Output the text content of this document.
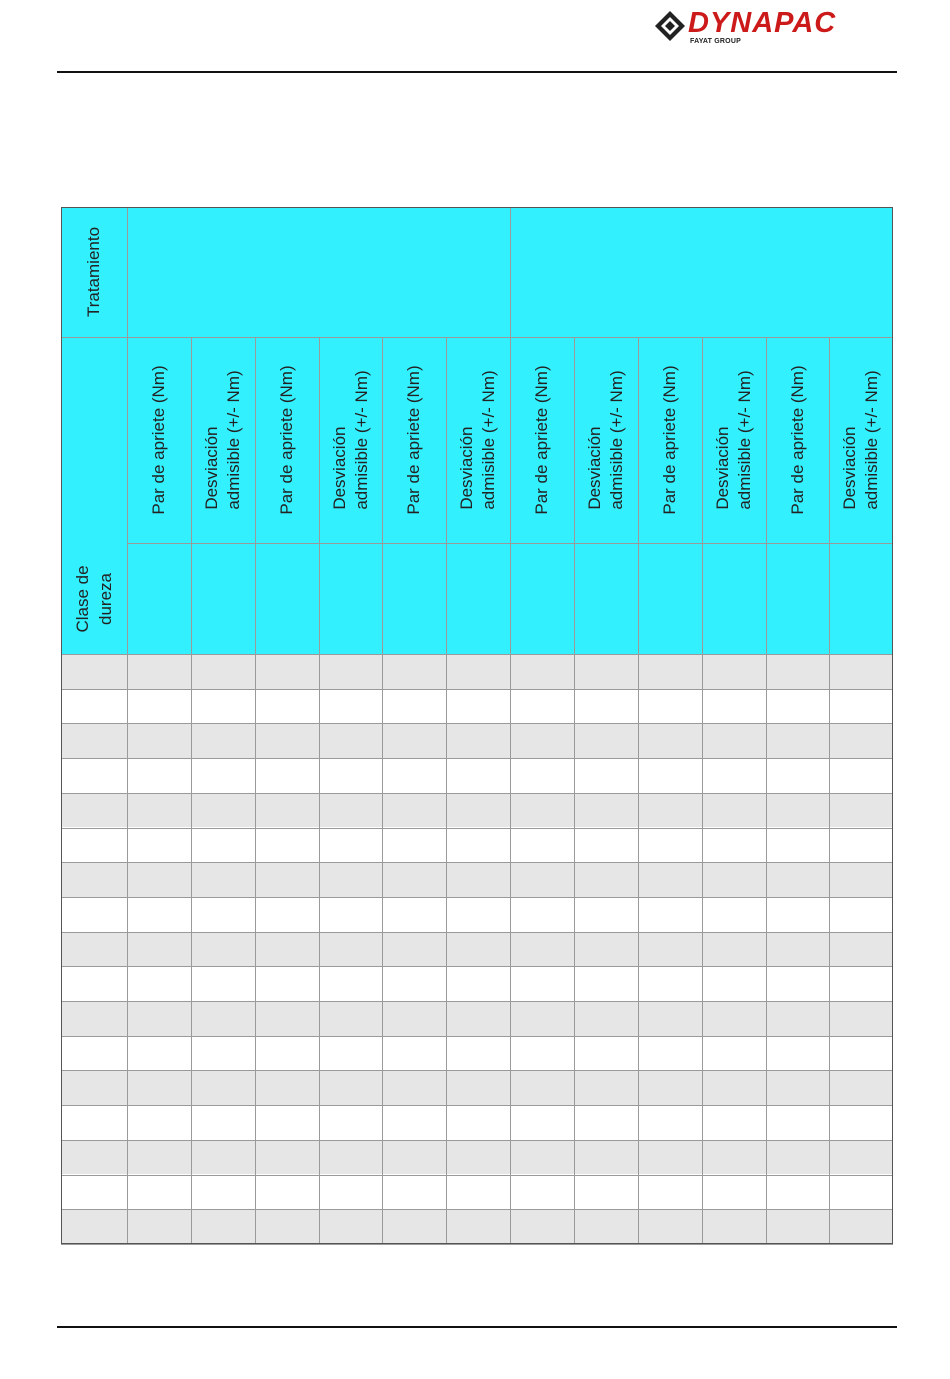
DYNAPAC
FAYAT GROUP
Tratamiento
Clase de dureza
Par de apriete (Nm) Desviación admisible (+/- Nm) Par de apriete (Nm) Desviación admisible (+/- Nm) Par de apriete (Nm) Desviación admisible (+/- Nm) Par de apriete (Nm) Desviación admisible (+/- Nm) Par de apriete (Nm) Desviación admisible (+/- Nm) Par de apriete (Nm) Desviación admisible (+/- Nm)
